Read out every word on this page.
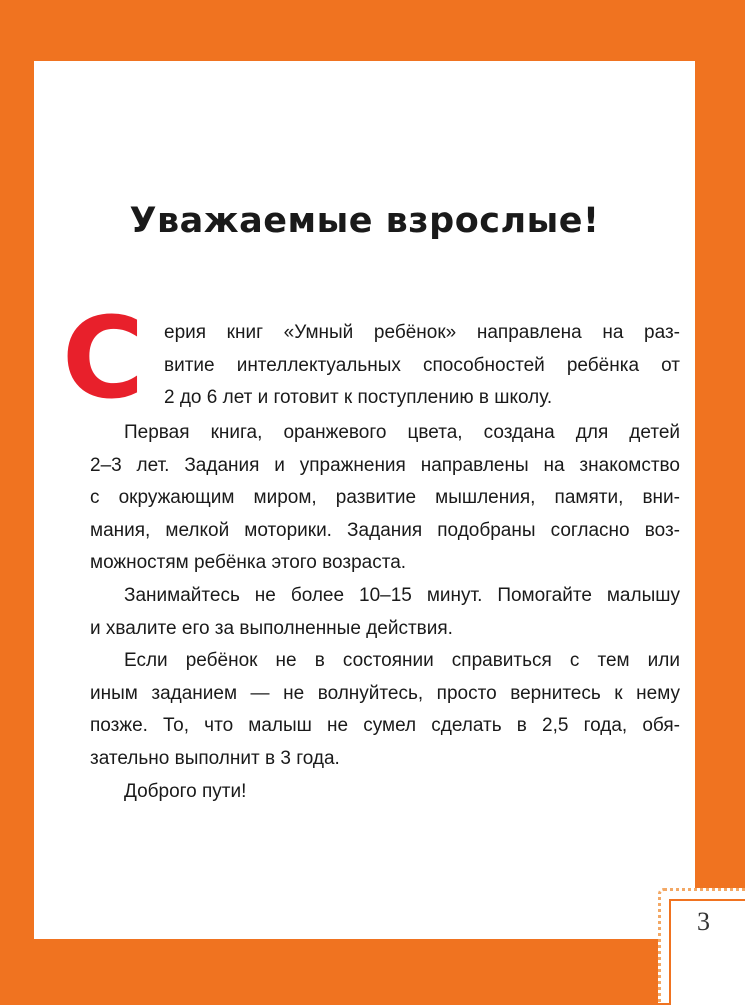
Уважаемые взрослые!
С	ерия книг «Умный ребёнок» направлена на раз-
витие интеллектуальных способностей ребёнка от
2 до 6 лет и готовит к поступлению в школу.

Первая книга, оранжевого цвета, создана для детей
2–3 лет. Задания и упражнения направлены на знакомство
с окружающим миром, развитие мышления, памяти, вни-
мания, мелкой моторики. Задания подобраны согласно воз-
можностям ребёнка этого возраста.

Занимайтесь не более 10–15 минут. Помогайте малышу
и хвалите его за выполненные действия.

Если ребёнок не в состоянии справиться с тем или
иным заданием — не волнуйтесь, просто вернитесь к нему
позже. То, что малыш не сумел сделать в 2,5 года, обя-
зательно выполнит в 3 года.

Доброго пути!

3
